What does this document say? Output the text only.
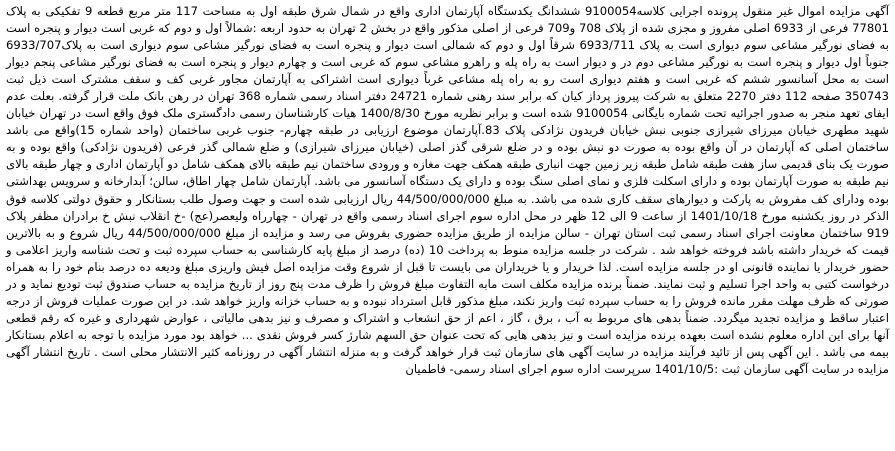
آگهی مزایده اموال غیر منقول پرونده اجرایی کلاسه9100054 ششدانگ یکدستگاه آپارتمان اداری واقع در شمال شرق طبقه اول به مساحت 117 متر مربع قطعه 9 تفکیکی به پلاک 77801 فرعی از 6933 اصلی مفروز و مجزی شده از پلاک 708 و709 فرعی از اصلی مذکور واقع در بخش 2 تهران به حدود اربعه :شمالاً اول و دوم که غربی است دیوار و پنجره است به فضای نورگیر مشاعی سوم دیواری است به پلاک 6933/711 شرقاً اول و دوم که شمالی است دیوار و پنجره است به فضای نورگیر مشاعی سوم دیواری است به پلاک6933/707 جنوباً اول دیوار و پنجره است به نورگیر مشاعی دوم در و دیوار است به راه پله و راهرو مشاعی سوم که غربی است و چهارم دیوار و پنجره است به فضای نورگیر مشاعی پنجم دیوار است به محل آسانسور ششم که غربی است و هفتم دیواری است رو به راه پله مشاعی غرباً دیواری است اشتراکی به آپارتمان مجاور غربی کف و سقف مشترک است ذیل ثبت 350743 صفحه 112 دفتر 2270 متعلق به شرکت پیروز پرداز کیان که برابر سند رهنی شماره 24721 دفتر اسناد رسمی شماره 368 تهران در رهن بانک ملت قرار گرفته. بعلت عدم ایفای تعهد منجر به صدور اجرائیه تحت شماره بایگانی 9100054 شده است و برابر نظریه مورخ 1400/8/30 هیات کارشناسان رسمی دادگستری ملک فوق واقع است در تهران خیابان شهید مطهری خیابان میرزای شیرازی جنوبی نبش خیابان فریدون نژادکی پلاک 83.آپارتمان موضوع ارزیابی در طبقه چهارم- جنوب غربی ساختمان (واحد شماره 15)واقع می باشد ساختمان اصلی که آپارتمان در آن واقع بوده به صورت دو نبش بوده و در ضلع شرقی گذر اصلی (خیابان میرزای شیرازی) و ضلع شمالی گذر فرعی (فریدون نژادکی) واقع بوده و به صورت یک بنای قدیمی ساز هفت طبقه شامل طبقه زیر زمین جهت انباری طبقه همکف جهت مغازه و ورودی ساختمان نیم طبقه بالای همکف شامل دو آپارتمان اداری و چهار طبقه بالای نیم طبقه به صورت آپارتمان بوده و دارای اسکلت فلزی و نمای اصلی سنگ بوده و دارای یک دستگاه آسانسور می باشد. آپارتمان شامل چهار اطاق، سالن؛ آبدارخانه و سرویس بهداشتی بوده ودارای کف مفروش به پارکت و دیوارهای سقف کاری شده می باشد. به مبلغ 44/500/000/000 ریال ارزیابی شده است و جهت وصول طلب بستانکار و حقوق دولتی کلاسه فوق الذکر در روز یکشنبه مورخ 1401/10/18 از ساعت 9 الی 12 ظهر در محل اداره سوم اجرای اسناد رسمی واقع در تهران - چهارراه ولیعصر(عج) -خ انقلاب نبش خ برادران مظفر پلاک 919 ساختمان معاونت اجرای اسناد رسمی ثبت استان تهران - سالن مزایده از طریق مزایده حضوری بفروش می رسد و مزایده از مبلغ 44/500/000/000 ریال شروع و به بالاترین قیمت که خریدار داشته باشد فروخته خواهد شد . شرکت در جلسه مزایده منوط به پرداخت 10 (ده) درصد از مبلغ پایه کارشناسی به حساب سپرده ثبت و تحت شناسه واریز اعلامی و حضور خریدار یا نماینده قانونی او در جلسه مزایده است. لذا خریدار و یا خریداران می بایست تا قبل از شروع وقت مزایده اصل فیش واریزی مبلغ ودیعه ده درصد بنام خود را به همراه درخواست کتبی به واحد اجرا تسلیم و ثبت نمایند. ضمناً برنده مزایده مکلف است مابه التفاوت مبلغ فروش را ظرف مدت پنج روز از تاریخ مزایده به حساب صندوق ثبت تودیع نماید و در صورتی که ظرف مهلت مقرر مانده فروش را به حساب سپرده ثبت واریز نکند، مبلغ مذکور قابل استرداد نبوده و به حساب خزانه واریز خواهد شد. در این صورت عملیات فروش از درجه اعتبار ساقط و مزایده تجدید میگردد. ضمناً بدهی های مربوط به آب ، برق ، گاز ، اعم از حق انشعاب و اشتراک و مصرف و نیز بدهی مالیاتی ، عوارض شهرداری و غیره که رقم قطعی آنها برای این اداره معلوم نشده است بعهده برنده مزایده است و نیز بدهی هایی که تحت عنوان حق السهم شارژ کسر فروش نقدی ... خواهد بود مورد مزایده با توجه به اعلام بستانکار بیمه می باشد . این آگهی پس از تائید فرآیند مزایده در سایت آگهی های سازمان ثبت قرار خواهد گرفت و به منزله انتشار آگهی در روزنامه کثیر الانتشار محلی است . تاریخ انتشار آگهی مزایده در سایت آگهی سازمان ثبت :1401/10/5 سرپرست اداره سوم اجرای اسناد رسمی- فاطمیان
